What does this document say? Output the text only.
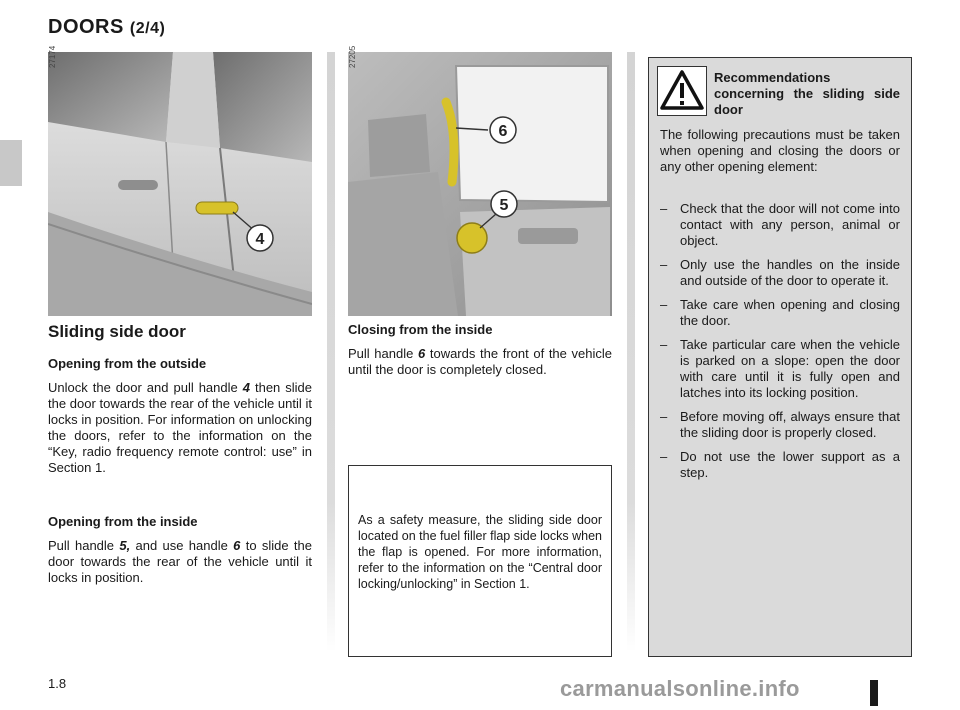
DOORS (2/4)
4
27174
6
5
27205
Sliding side door
Opening from the outside
Unlock the door and pull handle 4 then slide the door towards the rear of the vehicle until it locks in position. For information on unlocking the doors, refer to the information on the “Key, radio frequency remote control: use” in Section 1.
Opening from the inside
Pull handle 5, and use handle 6 to slide the door towards the rear of the vehicle until it locks in position.
Closing from the inside
Pull handle 6 towards the front of the vehicle until the door is completely closed.
As a safety measure, the sliding side door located on the fuel filler flap side locks when the flap is opened. For more information, refer to the information on the “Central door locking/unlocking” in Section 1.
Recommendations concerning the sliding side door
The following precautions must be taken when opening and closing the doors or any other opening element:
– Check that the door will not come into contact with any person, animal or object.
– Only use the handles on the inside and outside of the door to operate it.
– Take care when opening and closing the door.
– Take particular care when the vehicle is parked on a slope: open the door with care until it is fully open and latches into its locking position.
– Before moving off, always ensure that the sliding door is properly closed.
– Do not use the lower support as a step.
1.8	carmanualsonline.info
